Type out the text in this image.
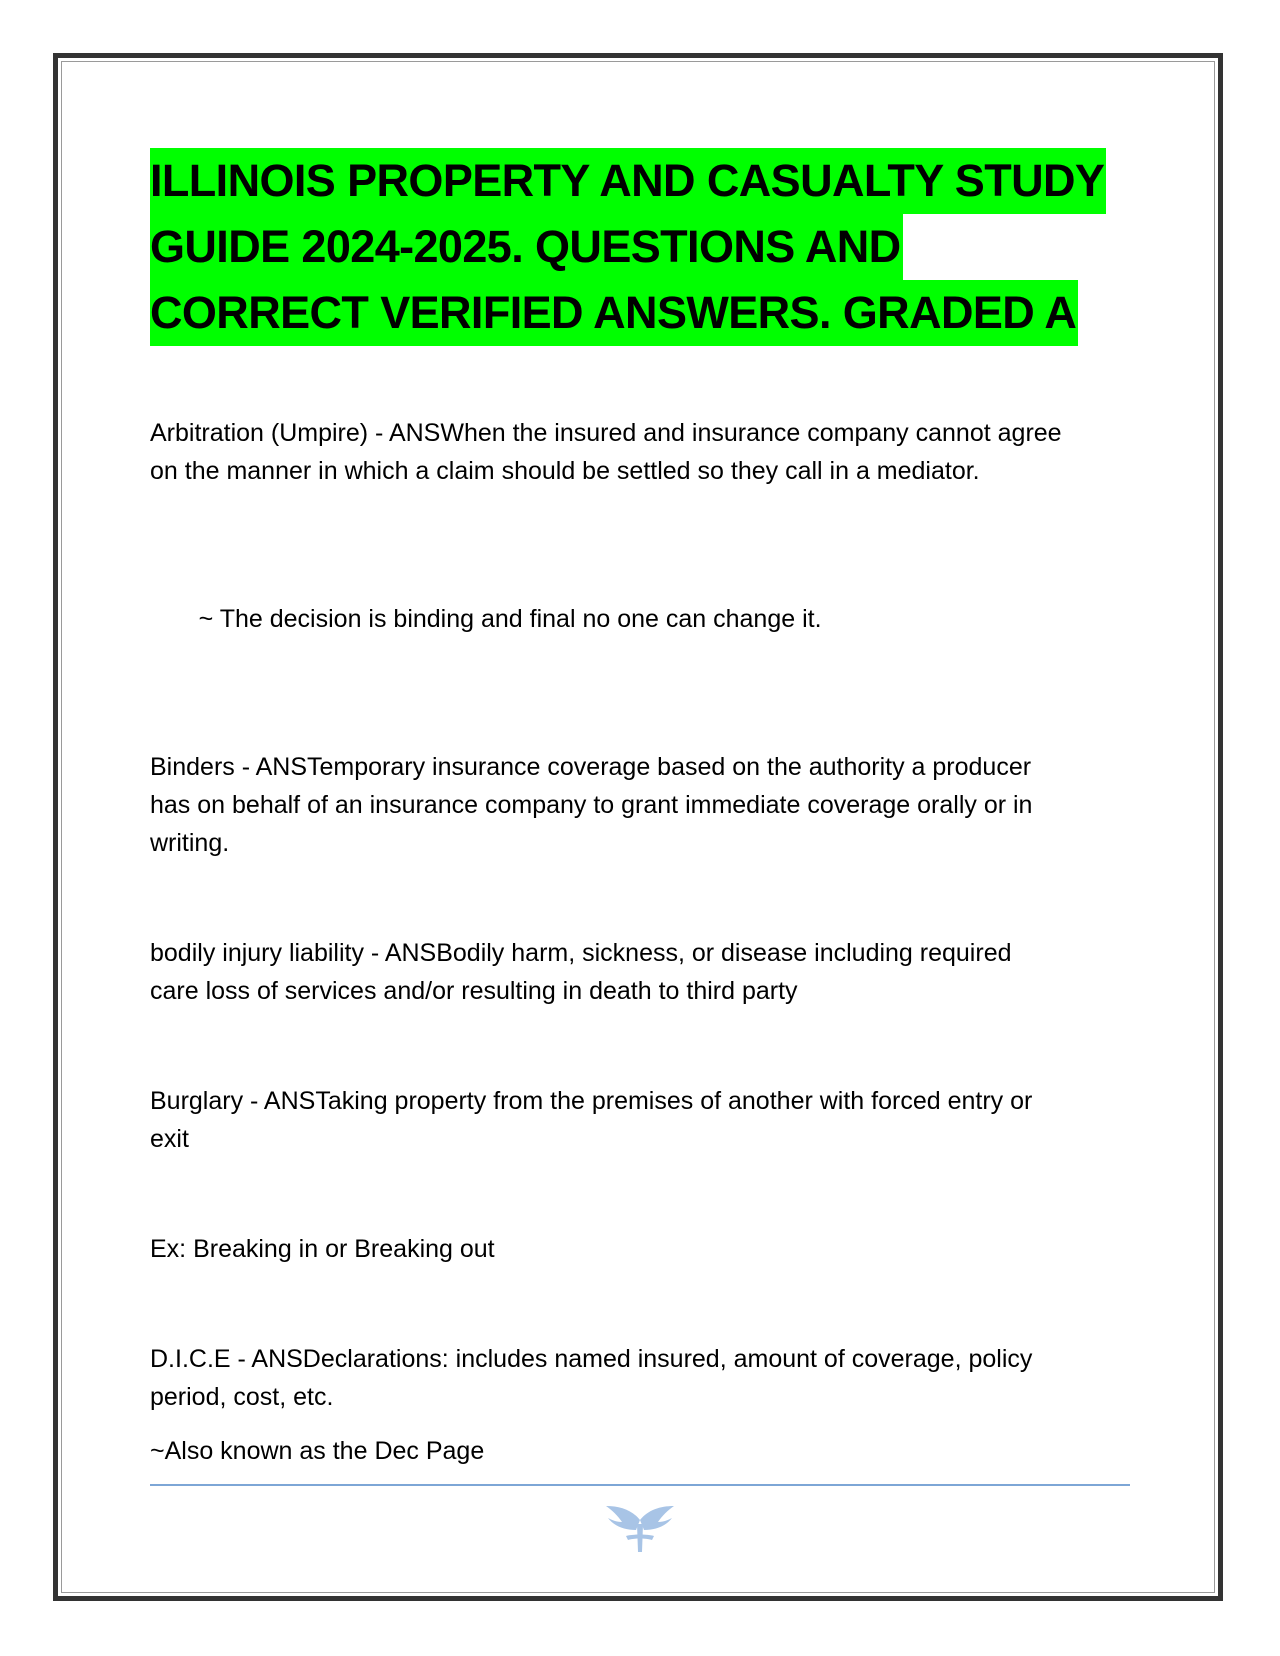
ILLINOIS PROPERTY AND CASUALTY STUDY
GUIDE 2024-2025. QUESTIONS AND
CORRECT VERIFIED ANSWERS. GRADED A

Arbitration (Umpire) - ANSWhen the insured and insurance company cannot agree
on the manner in which a claim should be settled so they call in a mediator.

~ The decision is binding and final no one can change it.

Binders - ANSTemporary insurance coverage based on the authority a producer
has on behalf of an insurance company to grant immediate coverage orally or in
writing.

bodily injury liability - ANSBodily harm, sickness, or disease including required
care loss of services and/or resulting in death to third party

Burglary - ANSTaking property from the premises of another with forced entry or
exit

Ex: Breaking in or Breaking out

D.I.C.E - ANSDeclarations: includes named insured, amount of coverage, policy
period, cost, etc.

~Also known as the Dec Page
